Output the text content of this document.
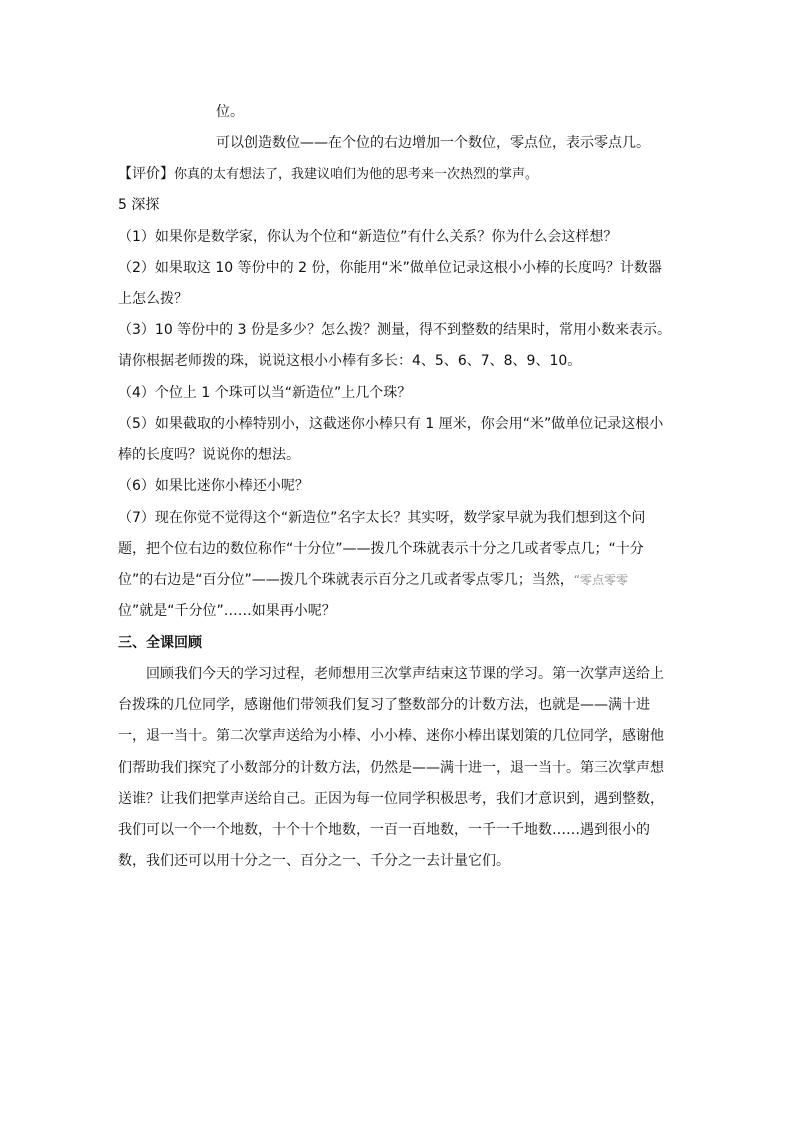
位。
可以创造数位——在个位的右边增加一个数位，零点位，表示零点几。
【评价】你真的太有想法了，我建议咱们为他的思考来一次热烈的掌声。
5 深探
（1）如果你是数学家，你认为个位和“新造位”有什么关系？你为什么会这样想？
（2）如果取这 10 等份中的 2 份，你能用“米”做单位记录这根小小棒的长度吗？计数器
上怎么拨？
（3）10 等份中的 3 份是多少？怎么拨？测量，得不到整数的结果时，常用小数来表示。
请你根据老师拨的珠，说说这根小小棒有多长：4、5、6、7、8、9、10。
（4）个位上 1 个珠可以当“新造位”上几个珠？
（5）如果截取的小棒特别小，这截迷你小棒只有 1 厘米，你会用“米”做单位记录这根小
棒的长度吗？说说你的想法。
（6）如果比迷你小棒还小呢？
（7）现在你觉不觉得这个“新造位”名字太长？其实呀，数学家早就为我们想到这个问
题，把个位右边的数位称作“十分位”——拨几个珠就表示十分之几或者零点几；“十分
位”的右边是“百分位”——拨几个珠就表示百分之几或者零点零几；当然，“零点零零
位”就是“千分位”……如果再小呢？
三、全课回顾
回顾我们今天的学习过程，老师想用三次掌声结束这节课的学习。第一次掌声送给上
台拨珠的几位同学，感谢他们带领我们复习了整数部分的计数方法，也就是——满十进
一，退一当十。第二次掌声送给为小棒、小小棒、迷你小棒出谋划策的几位同学，感谢他
们帮助我们探究了小数部分的计数方法，仍然是——满十进一，退一当十。第三次掌声想
送谁？让我们把掌声送给自己。正因为每一位同学积极思考，我们才意识到，遇到整数，
我们可以一个一个地数，十个十个地数，一百一百地数，一千一千地数……遇到很小的
数，我们还可以用十分之一、百分之一、千分之一去计量它们。
